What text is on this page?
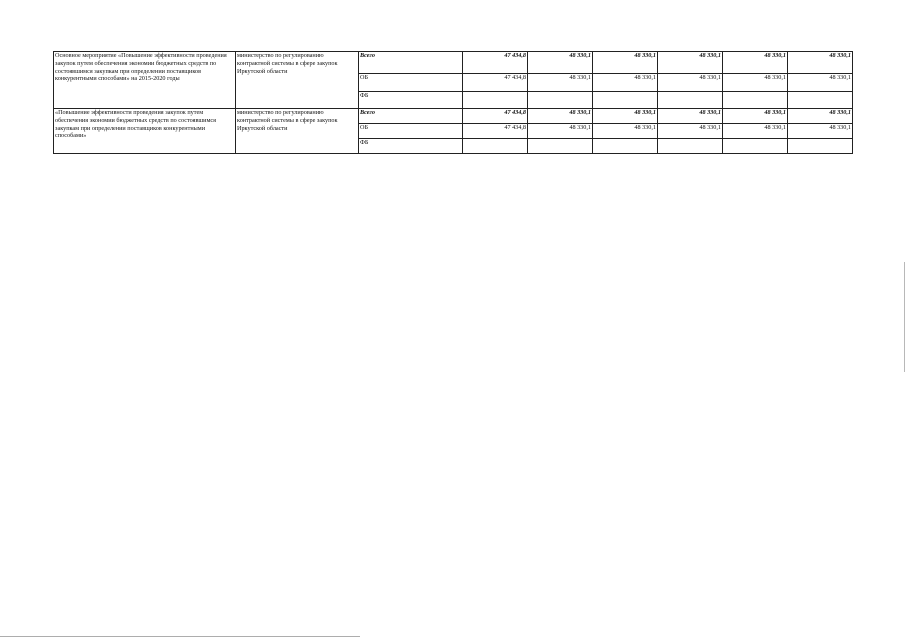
Основное мероприятие «Повышение эффективности проведения закупок путем обеспечения экономии бюджетных средств по состоявшимся закупкам при определении поставщиков конкурентными способами» на 2015-2020 годы	министерство по регулированию контрактной системы в сфере закупок Иркутской области	Всего	47 434,8	48 330,1	48 330,1	48 330,1	48 330,1	48 330,1
		ОБ	47 434,8	48 330,1	48 330,1	48 330,1	48 330,1	48 330,1
		ФБ						
«Повышение эффективности проведения закупок путем обеспечения экономии бюджетных средств по состоявшимся закупкам при определении поставщиков конкурентными способами»	министерство по регулированию контрактной системы в сфере закупок Иркутской области	Всего	47 434,8	48 330,1	48 330,1	48 330,1	48 330,1	48 330,1
		ОБ	47 434,8	48 330,1	48 330,1	48 330,1	48 330,1	48 330,1
		ФБ						
